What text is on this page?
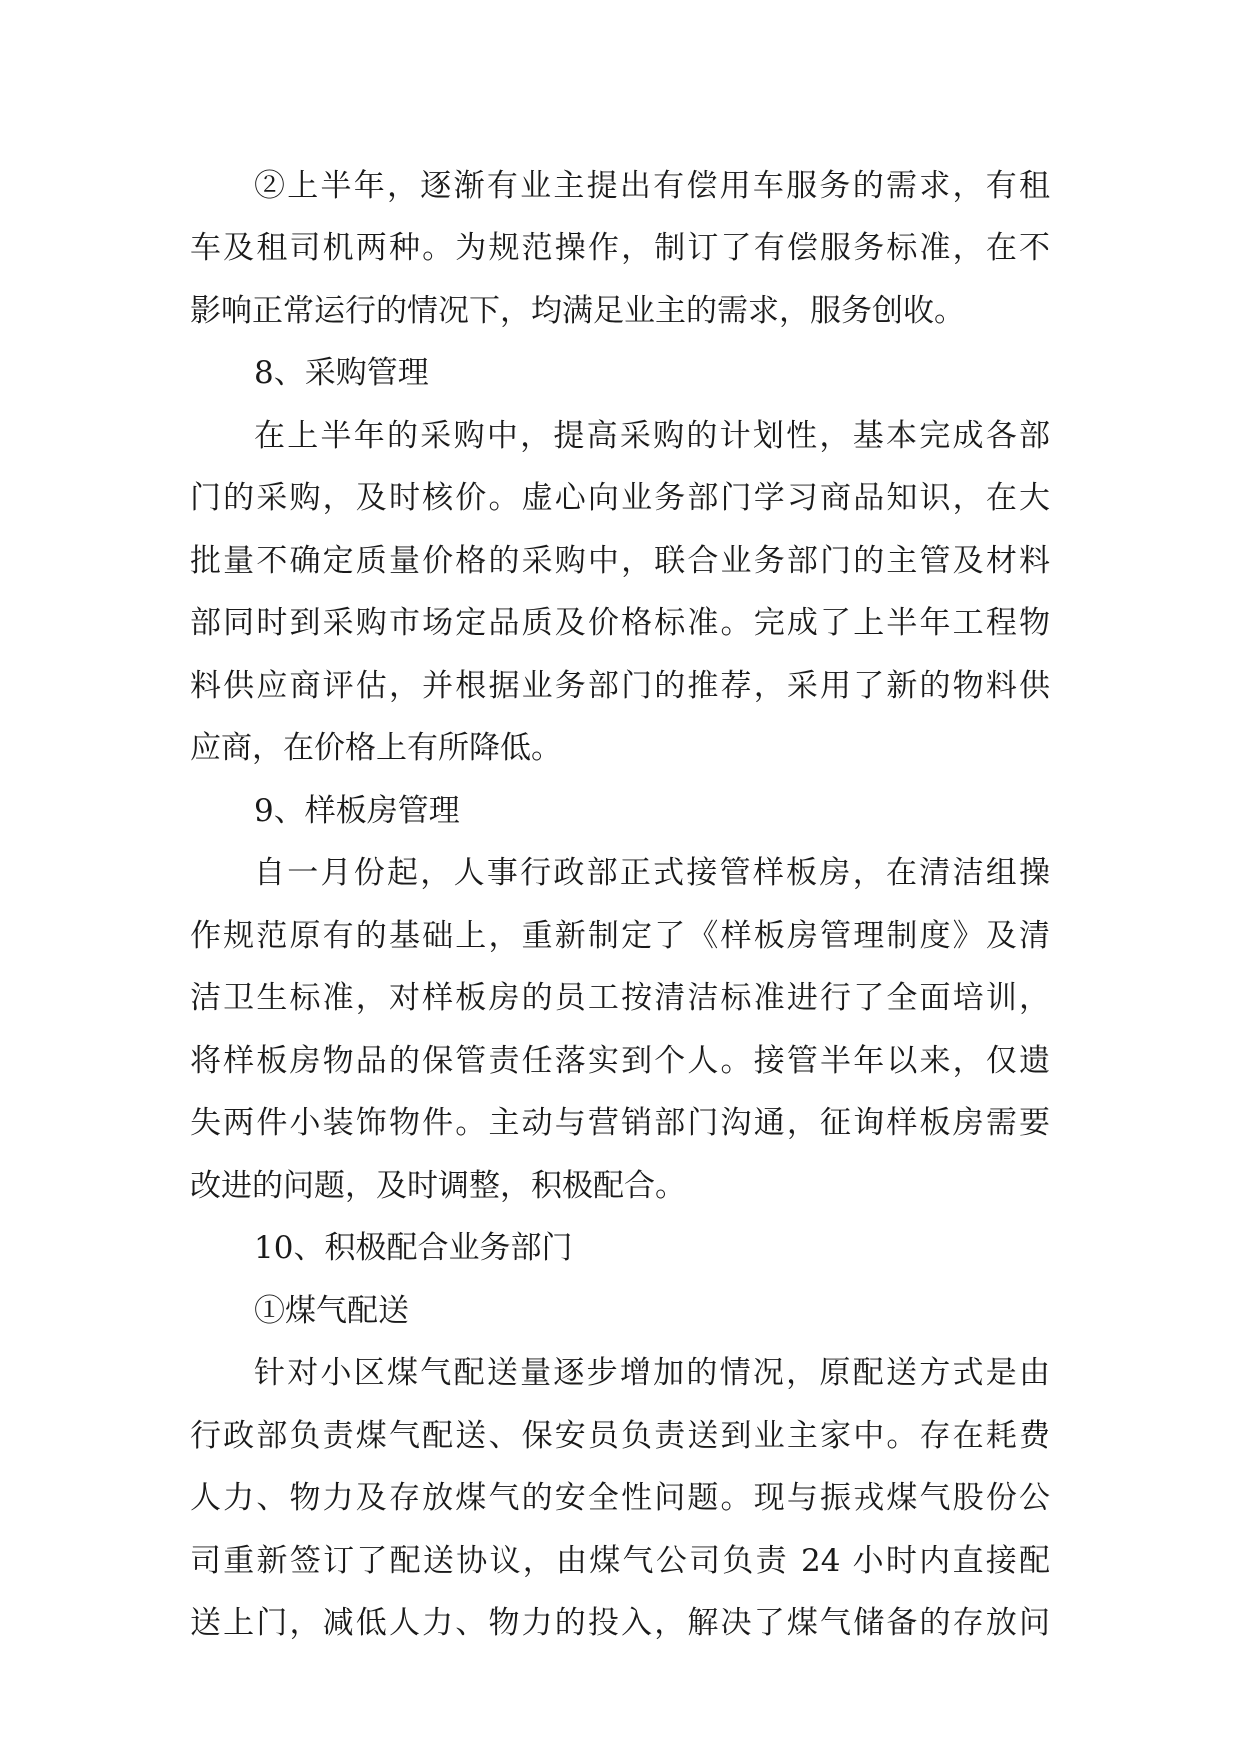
②上半年，逐渐有业主提出有偿用车服务的需求，有租
车及租司机两种。为规范操作，制订了有偿服务标准，在不
影响正常运行的情况下，均满足业主的需求，服务创收。
8、采购管理
在上半年的采购中，提高采购的计划性，基本完成各部
门的采购，及时核价。虚心向业务部门学习商品知识，在大
批量不确定质量价格的采购中，联合业务部门的主管及材料
部同时到采购市场定品质及价格标准。完成了上半年工程物
料供应商评估，并根据业务部门的推荐，采用了新的物料供
应商，在价格上有所降低。
9、样板房管理
自一月份起，人事行政部正式接管样板房，在清洁组操
作规范原有的基础上，重新制定了《样板房管理制度》及清
洁卫生标准，对样板房的员工按清洁标准进行了全面培训，
将样板房物品的保管责任落实到个人。接管半年以来，仅遗
失两件小装饰物件。主动与营销部门沟通，征询样板房需要
改进的问题，及时调整，积极配合。
10、积极配合业务部门
①煤气配送
针对小区煤气配送量逐步增加的情况，原配送方式是由
行政部负责煤气配送、保安员负责送到业主家中。存在耗费
人力、物力及存放煤气的安全性问题。现与振戎煤气股份公
司重新签订了配送协议，由煤气公司负责 24 小时内直接配
送上门，减低人力、物力的投入，解决了煤气储备的存放问
